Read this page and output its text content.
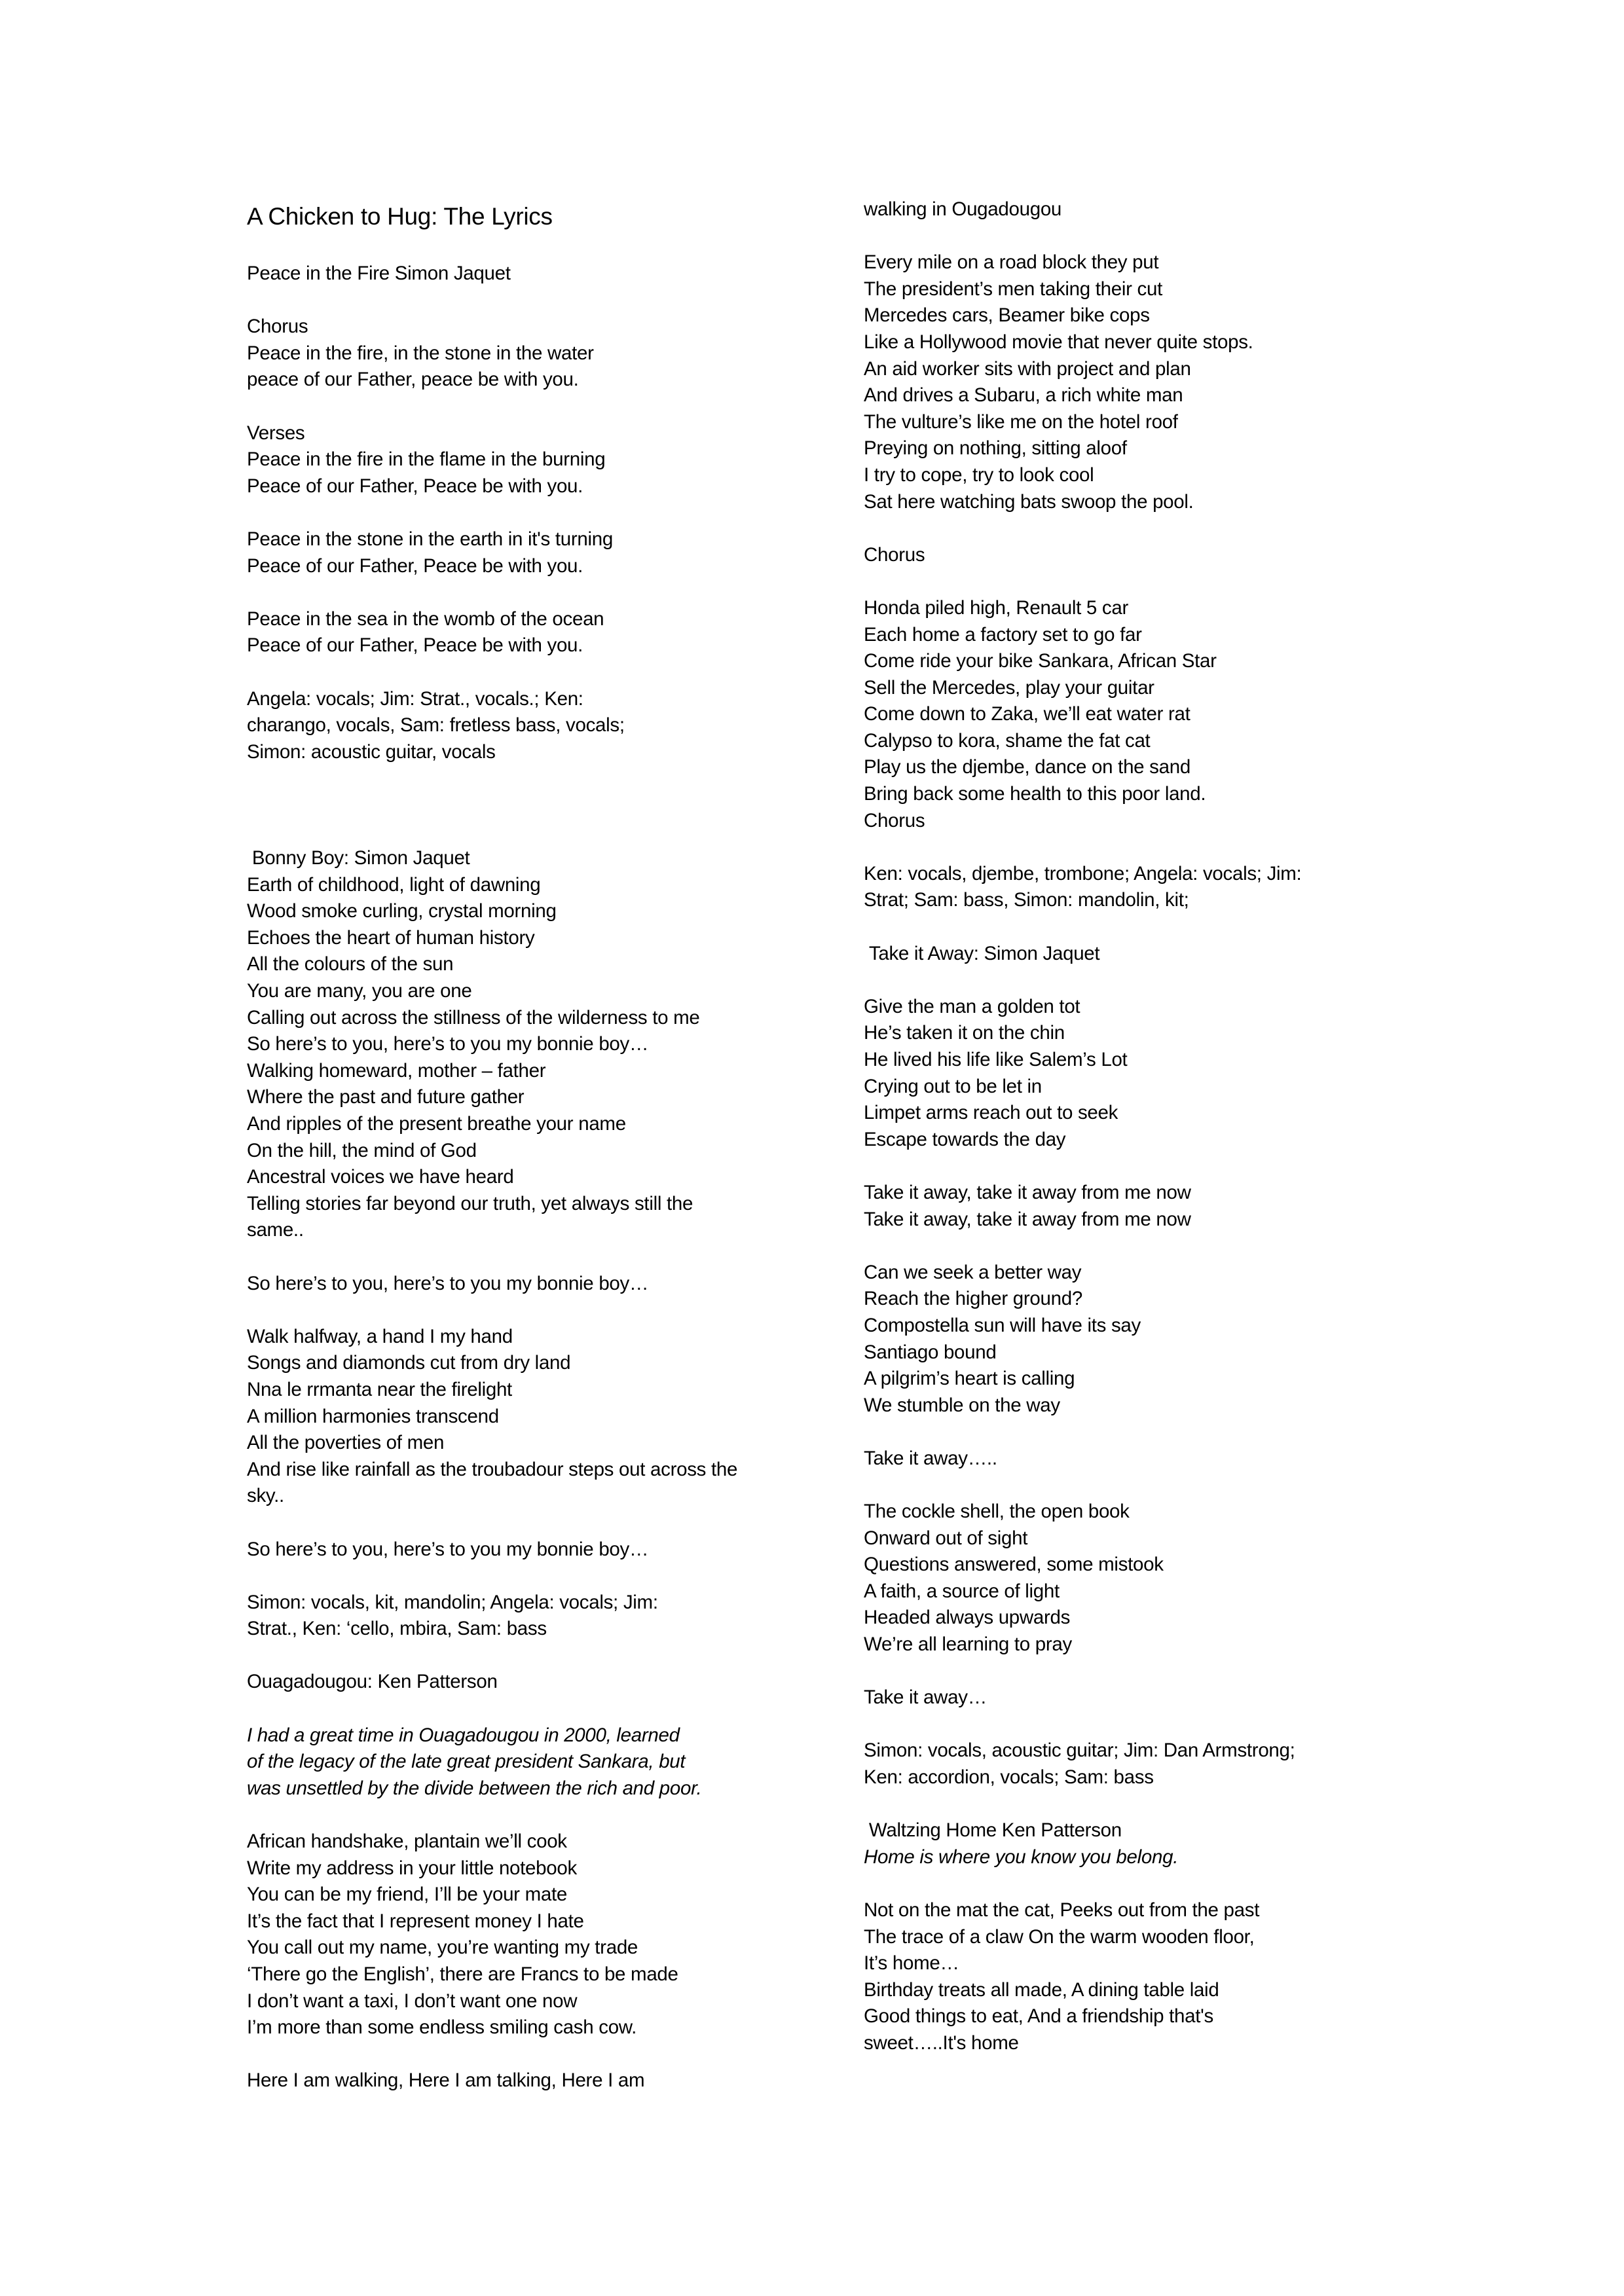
A Chicken to Hug: The Lyrics
Peace in the Fire Simon Jaquet
Chorus
Peace in the fire, in the stone in the water
peace of our Father, peace be with you.
Verses
Peace in the fire in the flame in the burning
Peace of our Father, Peace be with you.
Peace in the stone in the earth in it's turning
Peace of our Father, Peace be with you.
Peace in the sea in the womb of the ocean
Peace of our Father, Peace be with you.
Angela: vocals; Jim: Strat., vocals.; Ken:
charango, vocals, Sam: fretless bass, vocals;
Simon: acoustic guitar, vocals
Bonny Boy: Simon Jaquet
Earth of childhood, light of dawning
Wood smoke curling, crystal morning
Echoes the heart of human history
All the colours of the sun
You are many, you are one
Calling out across the stillness of the wilderness to me
So here’s to you, here’s to you my bonnie boy…
Walking homeward, mother – father
Where the past and future gather
And ripples of the present breathe your name
On the hill, the mind of God
Ancestral voices we have heard
Telling stories far beyond our truth, yet always still the
same..
So here’s to you, here’s to you my bonnie boy…
Walk halfway, a hand I my hand
Songs and diamonds cut from dry land
Nna le rrmanta near the firelight
A million harmonies transcend
All the poverties of men
And rise like rainfall as the troubadour steps out across the
sky..
So here’s to you, here’s to you my bonnie boy…
Simon: vocals, kit, mandolin; Angela: vocals; Jim:
Strat., Ken: ‘cello, mbira, Sam: bass
Ouagadougou: Ken Patterson
I had a great time in Ouagadougou in 2000, learned
of the legacy of the late great president Sankara, but
was unsettled by the divide between the rich and poor.
African handshake, plantain we’ll cook
Write my address in your little notebook
You can be my friend, I’ll be your mate
It’s the fact that I represent money I hate
You call out my name, you’re wanting my trade
‘There go the English’, there are Francs to be made
I don’t want a taxi, I don’t want one now
I’m more than some endless smiling cash cow.
Here I am walking, Here I am talking, Here I am
walking in Ougadougou
Every mile on a road block they put
The president’s men taking their cut
Mercedes cars, Beamer bike cops
Like a Hollywood movie that never quite stops.
An aid worker sits with project and plan
And drives a Subaru, a rich white man
The vulture’s like me on the hotel roof
Preying on nothing, sitting aloof
I try to cope, try to look cool
Sat here watching bats swoop the pool.
Chorus
Honda piled high, Renault 5 car
Each home a factory set to go far
Come ride your bike Sankara, African Star
Sell the Mercedes, play your guitar
Come down to Zaka, we’ll eat water rat
Calypso to kora, shame the fat cat
Play us the djembe, dance on the sand
Bring back some health to this poor land.
Chorus
Ken: vocals, djembe, trombone; Angela: vocals; Jim:
Strat; Sam: bass, Simon: mandolin, kit;
Take it Away: Simon Jaquet
Give the man a golden tot
He’s taken it on the chin
He lived his life like Salem’s Lot
Crying out to be let in
Limpet arms reach out to seek
Escape towards the day
Take it away, take it away from me now
Take it away, take it away from me now
Can we seek a better way
Reach the higher ground?
Compostella sun will have its say
Santiago bound
A pilgrim’s heart is calling
We stumble on the way
Take it away…..
The cockle shell, the open book
Onward out of sight
Questions answered, some mistook
A faith, a source of light
Headed always upwards
We’re all learning to pray
Take it away…
Simon: vocals, acoustic guitar; Jim: Dan Armstrong;
Ken: accordion, vocals; Sam: bass
Waltzing Home Ken Patterson
Home is where you know you belong.
Not on the mat the cat, Peeks out from the past
The trace of a claw On the warm wooden floor,
It’s home…
Birthday treats all made, A dining table laid
Good things to eat, And a friendship that's
sweet…..It's home
